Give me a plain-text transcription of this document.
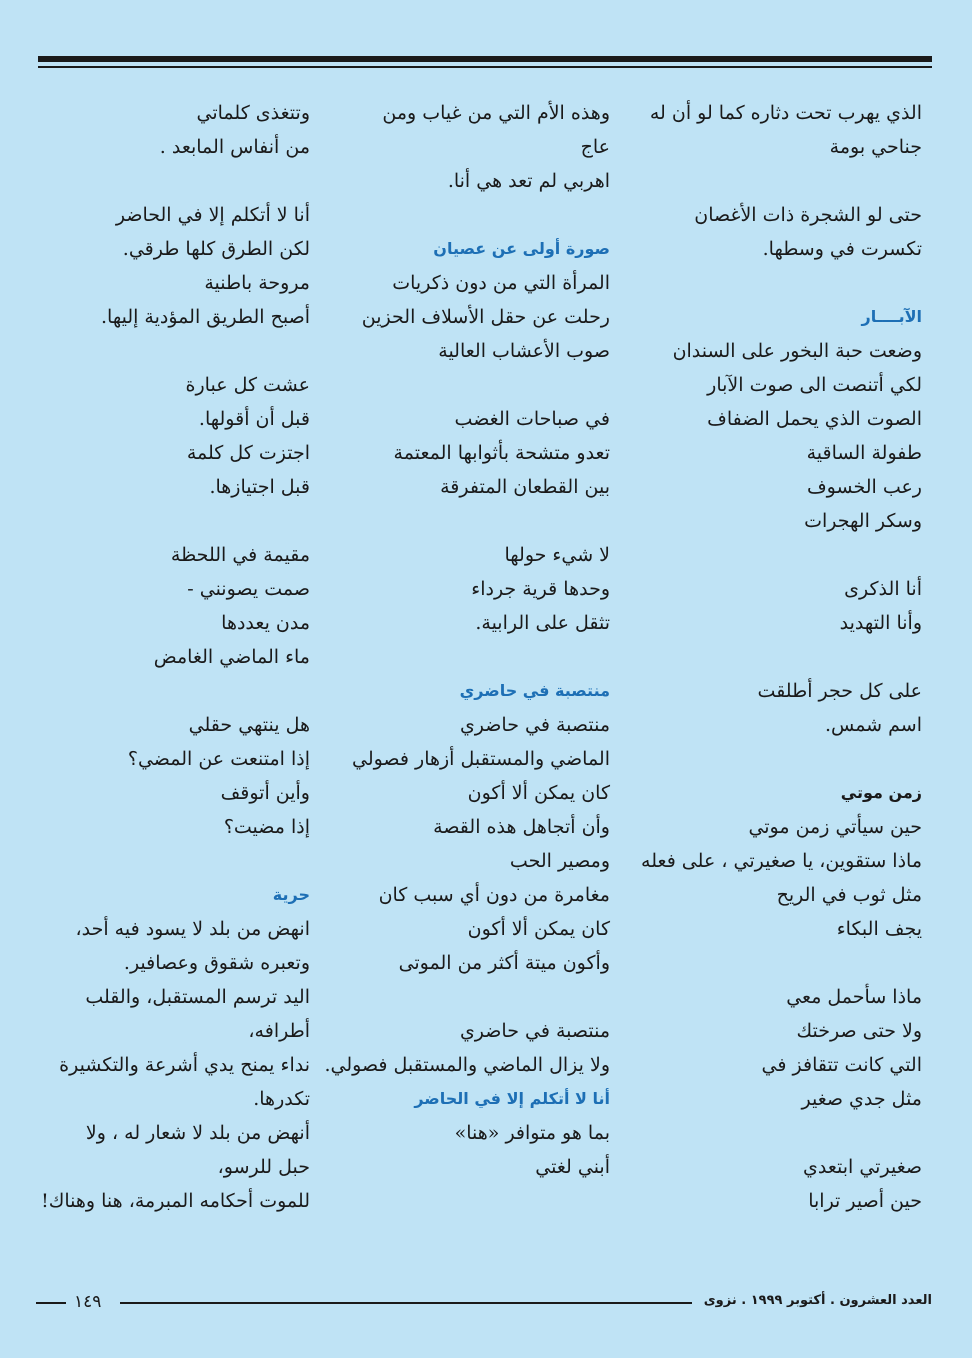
الذي يهرب تحت دثاره كما لو أن له
جناحي بومة
حتى لو الشجرة ذات الأغصان
تكسرت في وسطها.
الآبــــار
وضعت حبة البخور على السندان
لكي أتنصت الى صوت الآبار
الصوت الذي يحمل الضفاف
طفولة الساقية
رعب الخسوف
وسكر الهجرات
أنا الذكرى
وأنا التهديد
على كل حجر أطلقت
اسم شمس.
زمن موتي
حين سيأتي زمن موتي
ماذا ستقوين، يا صغيرتي ، على فعله
مثل ثوب في الريح
يجف البكاء
ماذا سأحمل معي
ولا حتى صرختك
التي كانت تتقافز في
مثل جدي صغير
صغيرتي ابتعدي
حين أصير ترابا
وهذه الأم التي من غياب ومن
عاج
اهربي لم تعد هي أنا.
صورة أولى عن عصيان
المرأة التي من دون ذكريات
رحلت عن حقل الأسلاف الحزين
صوب الأعشاب العالية
في صباحات الغضب
تعدو متشحة بأثوابها المعتمة
بين القطعان المتفرقة
لا شيء حولها
وحدها قرية جرداء
تثقل على الرابية.
منتصبة في حاضري
منتصبة في حاضري
الماضي والمستقبل أزهار فصولي
كان يمكن ألا أكون
وأن أتجاهل هذه القصة
ومصير الحب
مغامرة من دون أي سبب كان
كان يمكن ألا أكون
وأكون ميتة أكثر من الموتى
منتصبة في حاضري
ولا يزال الماضي والمستقبل فصولي.
أنا لا أتكلم إلا في الحاضر
بما هو متوافر «هنا»
أبني لغتي
وتتغذى كلماتي
من أنفاس المابعد .
أنا لا أتكلم إلا في الحاضر
لكن الطرق كلها طرقي.
مروحة باطنية
أصبح الطريق المؤدية إليها.
عشت كل عبارة
قبل أن أقولها.
اجتزت كل كلمة
قبل اجتيازها.
مقيمة في اللحظة
صمت يصونني -
مدن يعددها
ماء الماضي الغامض
هل ينتهي حقلي
إذا امتنعت عن المضي؟
وأين أتوقف
إذا مضيت؟
حرية
انهض من بلد لا يسود فيه أحد،
وتعبره شقوق وعصافير.
اليد ترسم المستقبل، والقلب
أطرافه،
نداء يمنح يدي أشرعة والتكشيرة
تكدرها.
أنهض من بلد لا شعار له ، ولا
حبل للرسو،
للموت أحكامه المبرمة، هنا وهناك!
العدد العشرون . أكتوبر ١٩٩٩ . نزوى
١٤٩
